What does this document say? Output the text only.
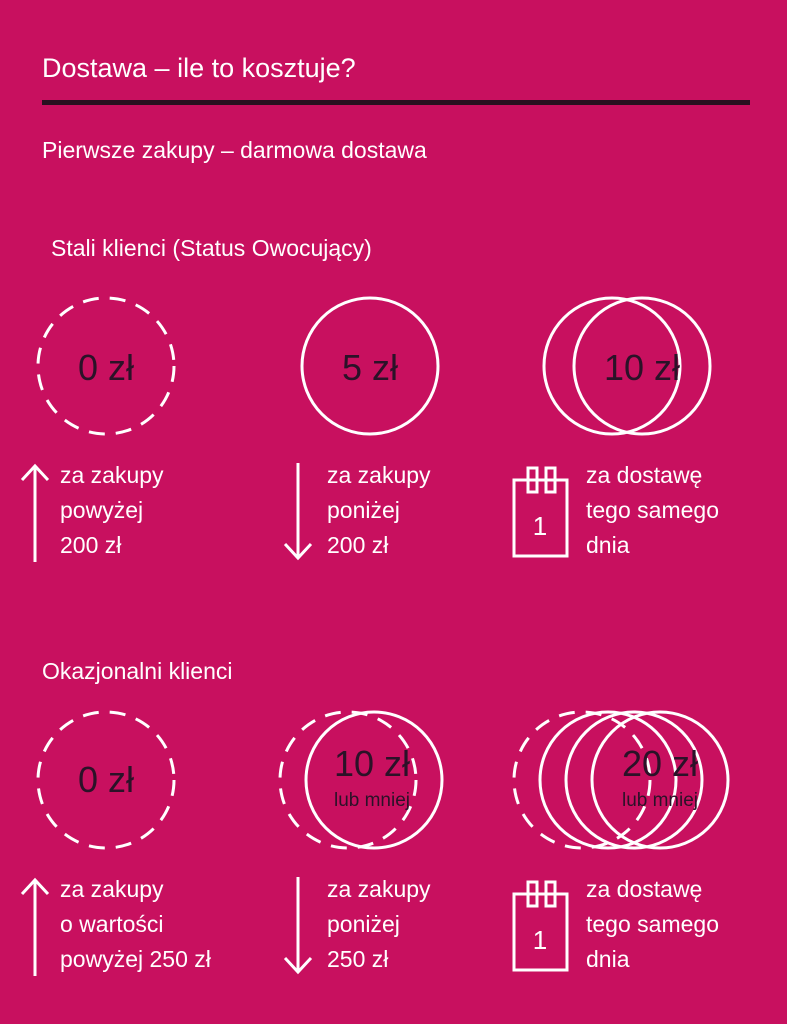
Dostawa – ile to kosztuje?
Pierwsze zakupy – darmowa dostawa
Stali klienci (Status Owocujący)
Okazjonalni klienci
1
1
0 zł	5 zł	10 zł
0 zł	10 zł
lub mniej
20 zł
lub mniej
za zakupy
powyżej
200 zł
za zakupy
poniżej
200 zł
za dostawę
tego samego
dnia
za zakupy
o wartości
powyżej 250 zł
za zakupy
poniżej
250 zł
za dostawę
tego samego
dnia
